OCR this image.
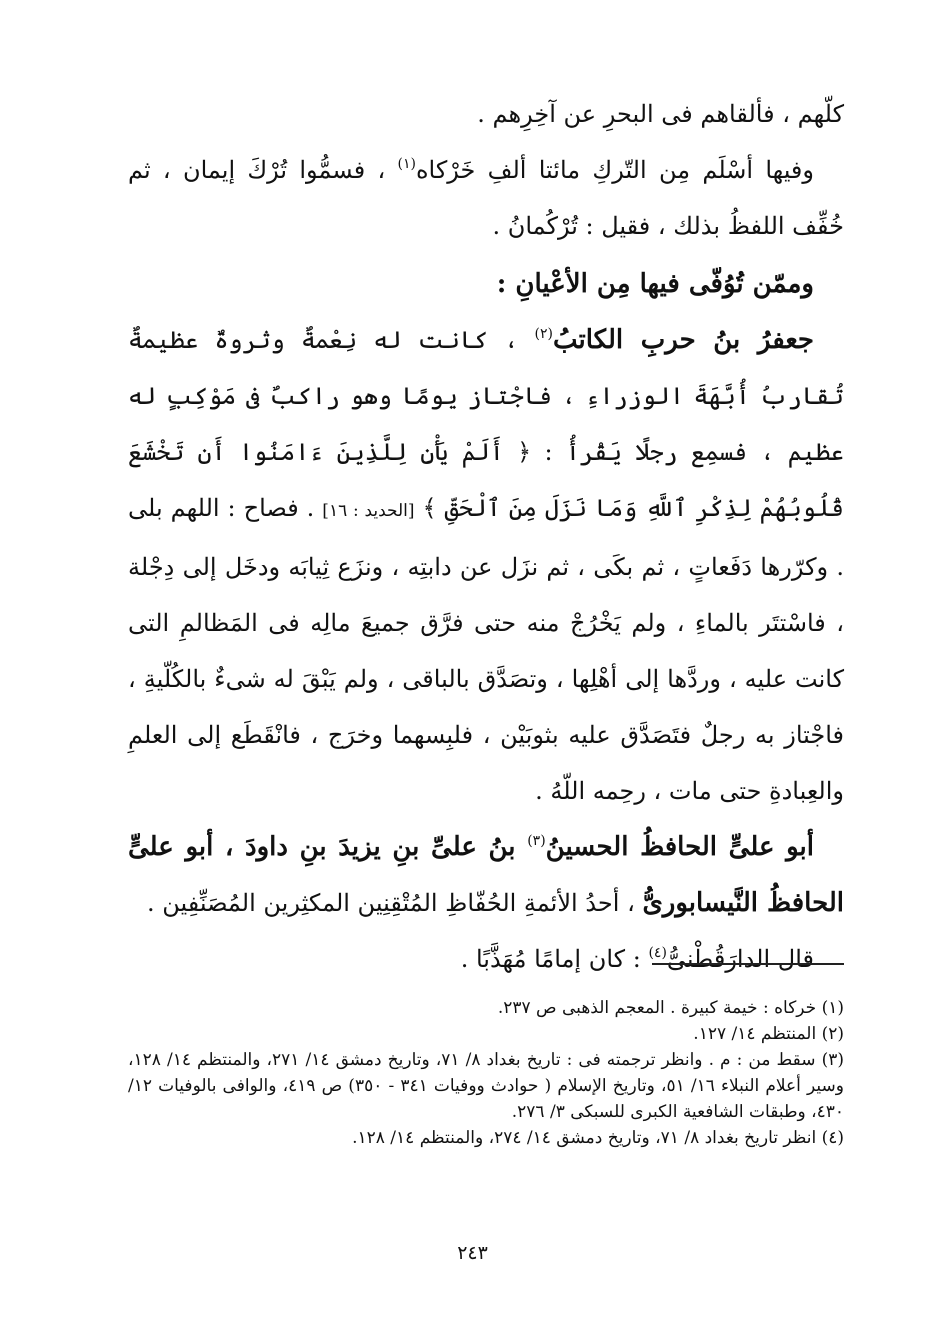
كلّهم ، فألقاهم فى البحرِ عن آخِرِهم .

وفيها أسْلَم مِن التّركِ مائتا ألفِ خَرْكاه$^{(١)}$ ، فسمُّوا تُرْكَ إيمان ، ثم خُفِّف اللفظُ بذلك ، فقيل : تُرْكُمانُ .

وممّن تُوُفّى فيها مِن الأعْيانِ :

جعفرُ بنُ حربِ الكاتبُ$^{(٢)}$ ، كانت له نِعْمةٌ وثروةٌ عظيمةٌ تُقاربُ أُبَّهَةَ الوزراءِ ، فاجْتاز يومًا وهو راكبٌ فى مَوْكِبٍ له عظيم ، فسمِع رجلًا يَقْرأُ : ﴿ أَلَمْ يَأْنِ لِلَّذِينَ ءَامَنُوا أَن تَخْشَعَ قُلُوبُهُمْ لِذِكْرِ ٱللَّهِ وَمَا نَزَلَ مِنَ ٱلْحَقِّ ﴾ [الحديد : ١٦] . فصاح : اللهم بلى . وكرّرها دَفَعاتٍ ، ثم بكَى ، ثم نزَل عن دابتِه ، ونزَع ثِيابَه ودخَل إلى دِجْلة ، فاسْتتَر بالماءِ ، ولم يَخْرُجْ منه حتى فرَّق جميعَ مالِه فى المَظالمِ التى كانت عليه ، وردَّها إلى أهْلِها ، وتصَدَّق بالباقى ، ولم يَبْقَ له شىءٌ بالكُلّيةِ ، فاجْتاز به رجلٌ فتَصَدَّق عليه بثوبَيْن ، فلبِسهما وخرَج ، فانْقَطَع إلى العلمِ والعِبادةِ حتى مات ، رحِمه اللّهُ .

أبو علىٍّ الحافظُ الحسينُ$^{(٣)}$ بنُ علىِّ بنِ يزيدَ بنِ داودَ ، أبو علىٍّ الحافظُ النَّيسابورىُّ ، أحدُ الأئمةِ الحُفّاظِ المُتْقِنِين المكثِرين المُصَنِّفِين .

قال الدارَقُطْنىُّ$^{(٤)}$ : كان إمامًا مُهَذَّبًا .

(١) خركاه : خيمة كبيرة . المعجم الذهبى ص ٢٣٧.

(٢) المنتظم ١٤/ ١٢٧.

(٣) سقط من : م . وانظر ترجمته فى : تاريخ بغداد ٨/ ٧١، وتاريخ دمشق ١٤/ ٢٧١، والمنتظم ١٤/ ١٢٨، وسير أعلام النبلاء ١٦/ ٥١، وتاريخ الإسلام ( حوادث ووفيات ٣٤١ - ٣٥٠) ص ٤١٩، والوافى بالوفيات ١٢/ ٤٣٠، وطبقات الشافعية الكبرى للسبكى ٣/ ٢٧٦.

(٤) انظر تاريخ بغداد ٨/ ٧١، وتاريخ دمشق ١٤/ ٢٧٤، والمنتظم ١٤/ ١٢٨.

٢٤٣
